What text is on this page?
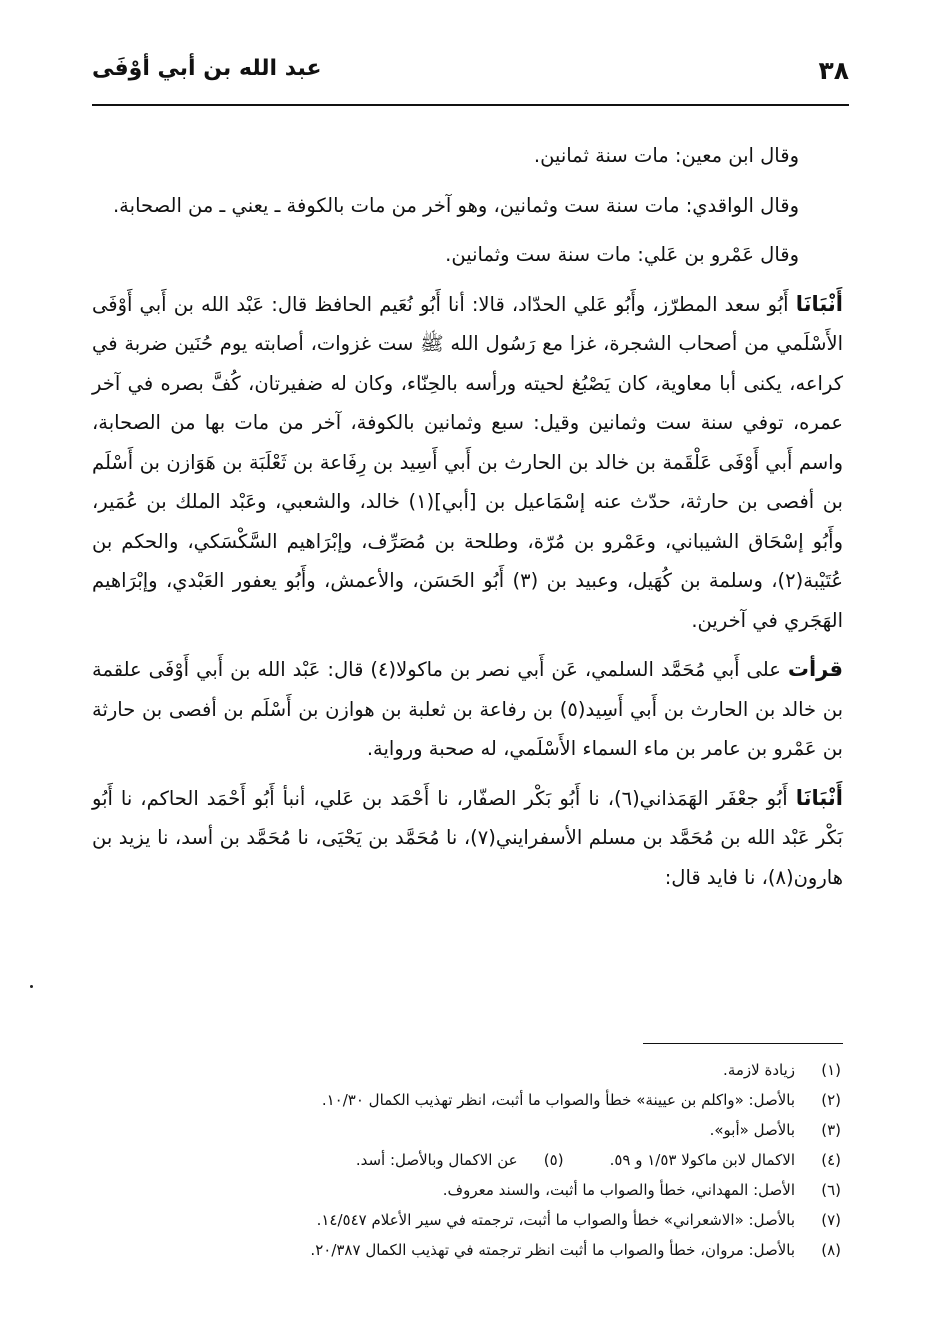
٣٨
عبد الله بن أبي أوْفَى

وقال ابن معين: مات سنة ثمانين.

وقال الواقدي: مات سنة ست وثمانين، وهو آخر من مات بالكوفة ـ يعني ـ من الصحابة.

وقال عَمْرو بن عَلي: مات سنة ست وثمانين.

أَنْبَانَا أَبُو سعد المطرّز، وأَبُو عَلي الحدّاد، قالا: أنا أَبُو نُعَيم الحافظ قال: عَبْد الله بن أَبي أَوْفَى الأَسْلَمي من أصحاب الشجرة، غزا مع رَسُول الله ﷺ ست غزوات، أصابته يوم حُنَين ضربة في كراعه، يكنى أبا معاوية، كان يَصْبُغ لحيته ورأسه بالحِنّاء، وكان له ضفيرتان، كُفَّ بصره في آخر عمره، توفي سنة ست وثمانين وقيل: سبع وثمانين بالكوفة، آخر من مات بها من الصحابة، واسم أَبي أَوْفَى عَلْقَمة بن خالد بن الحارث بن أَبي أَسِيد بن رِفَاعة بن ثَعْلَبَة بن هَوَازن بن أَسْلَم بن أفصى بن حارثة، حدّث عنه إسْمَاعيل بن [أبي](١) خالد، والشعبي، وعَبْد الملك بن عُمَير، وأَبُو إسْحَاق الشيباني، وعَمْرو بن مُرّة، وطلحة بن مُصَرِّف، وإبْرَاهيم السَّكْسَكي، والحكم بن عُتَيْبة(٢)، وسلمة بن كُهَيل، وعبيد بن (٣) أَبُو الحَسَن، والأعمش، وأَبُو يعفور العَبْدي، وإبْرَاهيم الهَجَري في آخرين.

قرأت على أَبي مُحَمَّد السلمي، عَن أَبي نصر بن ماكولا(٤) قال: عَبْد الله بن أَبي أَوْفَى علقمة بن خالد بن الحارث بن أَبي أَسِيد(٥) بن رفاعة بن ثعلبة بن هوازن بن أَسْلَم بن أفصى بن حارثة بن عَمْرو بن عامر بن ماء السماء الأَسْلَمي، له صحبة ورواية.

أَنْبَانَا أَبُو جعْفَر الهَمَذاني(٦)، نا أَبُو بَكْر الصفّار، نا أَحْمَد بن عَلي، أنبأ أَبُو أَحْمَد الحاكم، نا أَبُو بَكْر عَبْد الله بن مُحَمَّد بن مسلم الأسفرايني(٧)، نا مُحَمَّد بن يَحْيَى، نا مُحَمَّد بن أسد، نا يزيد بن هارون(٨)، نا فايد قال:

(١)زيادة لازمة.
(٢)بالأصل: «واكلم بن عيينة» خطأ والصواب ما أثبت، انظر تهذيب الكمال ١٠/٣٠.
(٣)بالأصل «أبو».
(٤)الاكمال لابن ماكولا ١/٥٣ و ٥٩.(٥)عن الاكمال وبالأصل: أسد.
(٦)الأصل: المهداني، خطأ والصواب ما أثبت، والسند معروف.
(٧)بالأصل: «الاشعراني» خطأ والصواب ما أثبت، ترجمته في سير الأعلام ١٤/٥٤٧.
(٨)بالأصل: مروان، خطأ والصواب ما أثبت انظر ترجمته في تهذيب الكمال ٢٠/٣٨٧.
